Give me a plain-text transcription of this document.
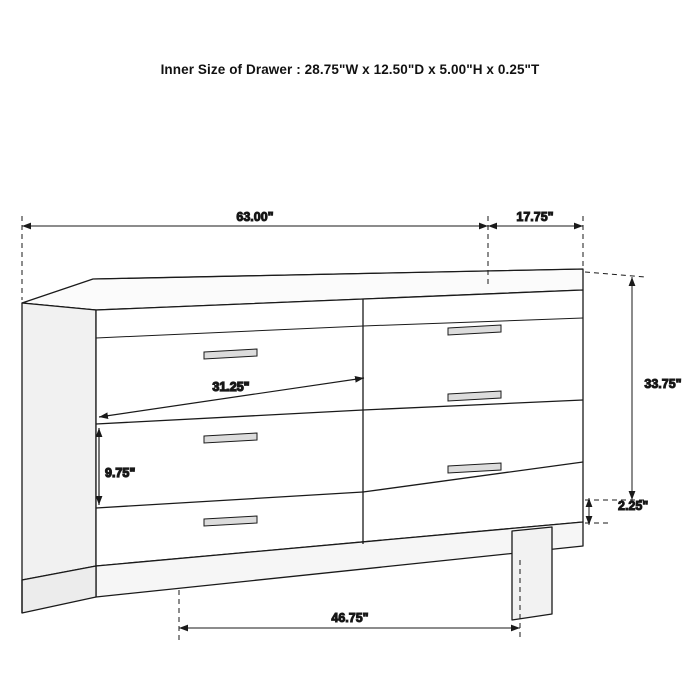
Inner Size of Drawer : 28.75"W x 12.50"D x 5.00"H x 0.25"T
63.00"	17.75"
33.75"
2.25"
31.25"
9.75"
46.75"
